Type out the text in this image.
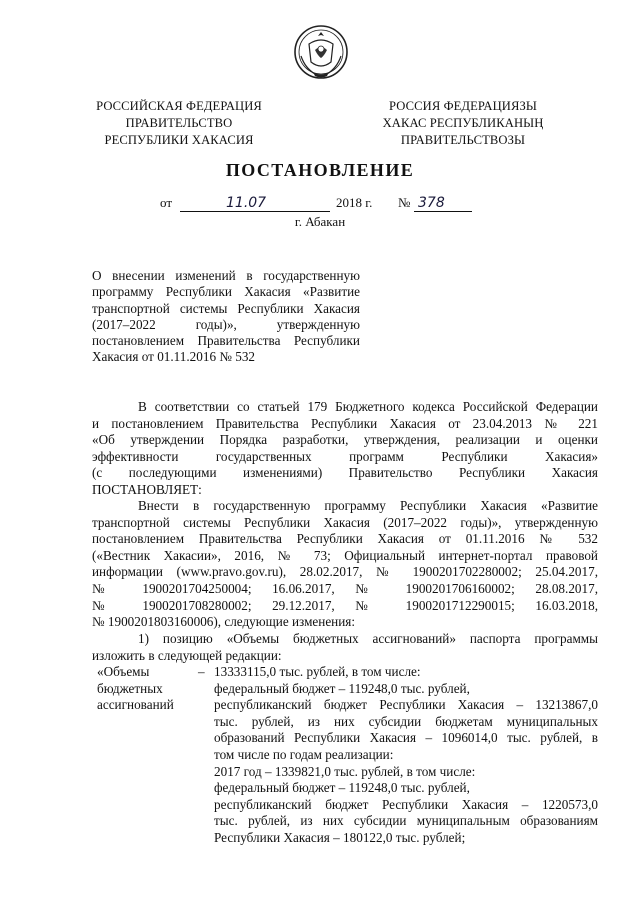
РОССИЙСКАЯ ФЕДЕРАЦИЯ
ПРАВИТЕЛЬСТВО
РЕСПУБЛИКИ ХАКАСИЯ
РОССИЯ ФЕДЕРАЦИЯЗЫ
ХАКАС РЕСПУБЛИКАНЫҢ
ПРАВИТЕЛЬСТВОЗЫ
ПОСТАНОВЛЕНИЕ
от	11.07	2018 г. № 378
г. Абакан
О внесении изменений в государственную
программу Республики Хакасия «Развитие
транспортной системы Республики Хакасия
(2017–2022 годы)», утвержденную
постановлением Правительства Республики
Хакасия от 01.11.2016 № 532
В соответствии со статьей 179 Бюджетного кодекса Российской Федерации
и постановлением Правительства Республики Хакасия от 23.04.2013 № 221
«Об утверждении Порядка разработки, утверждения, реализации и оценки
эффективности государственных программ Республики Хакасия»
(с последующими изменениями) Правительство Республики Хакасия
ПОСТАНОВЛЯЕТ:
Внести в государственную программу Республики Хакасия «Развитие
транспортной системы Республики Хакасия (2017–2022 годы)», утвержденную
постановлением Правительства Республики Хакасия от 01.11.2016 № 532
(«Вестник Хакасии», 2016, № 73; Официальный интернет-портал правовой
информации (www.pravo.gov.ru), 28.02.2017, № 1900201702280002; 25.04.2017,
№ 1900201704250004; 16.06.2017, № 1900201706160002; 28.08.2017,
№ 1900201708280002; 29.12.2017, № 1900201712290015; 16.03.2018,
№ 1900201803160006), следующие изменения:
1) позицию «Объемы бюджетных ассигнований» паспорта программы
изложить в следующей редакции:
«Объемы
бюджетных
ассигнований
– 13333115,0 тыс. рублей, в том числе:
федеральный бюджет – 119248,0 тыс. рублей,
республиканский бюджет Республики Хакасия – 13213867,0
тыс. рублей, из них субсидии бюджетам муниципальных
образований Республики Хакасия – 1096014,0 тыс. рублей, в
том числе по годам реализации:
2017 год – 1339821,0 тыс. рублей, в том числе:
федеральный бюджет – 119248,0 тыс. рублей,
республиканский бюджет Республики Хакасия – 1220573,0
тыс. рублей, из них субсидии муниципальным образованиям
Республики Хакасия – 180122,0 тыс. рублей;
